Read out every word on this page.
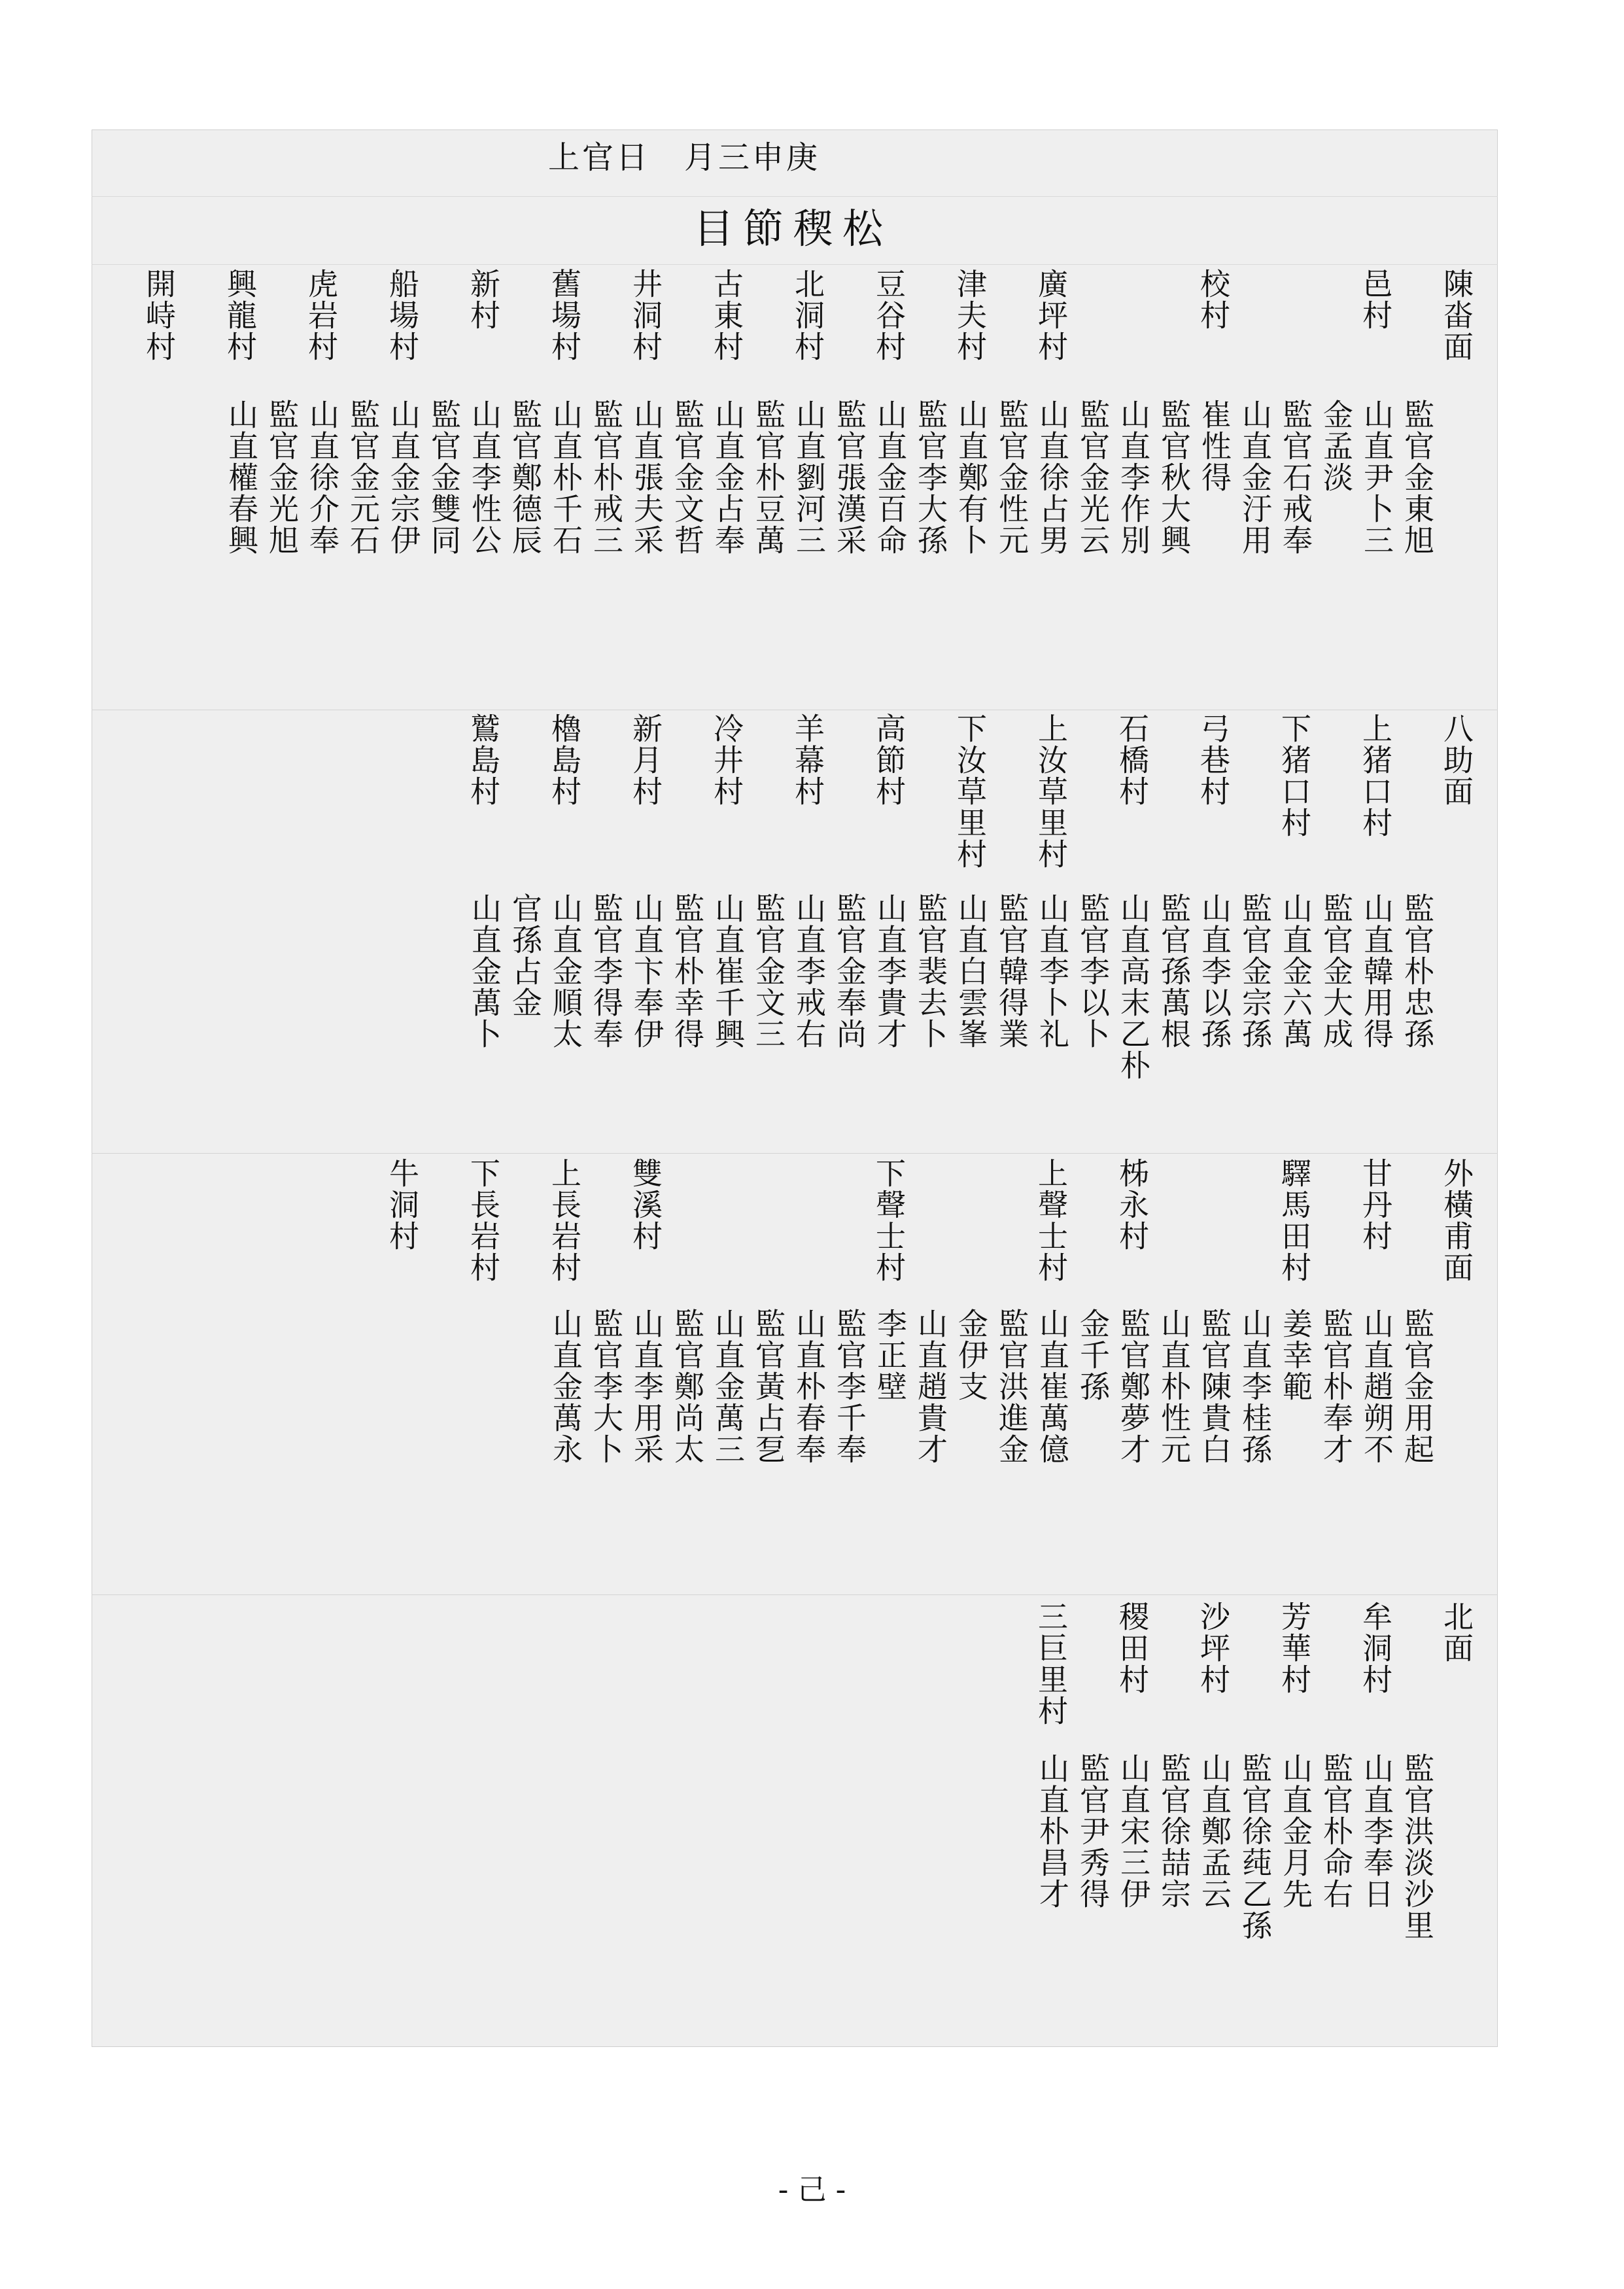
上官日　月三申庚
目節稧松
陳畓面
邑村
校村
廣坪村
津夫村
豆谷村
北洞村
古東村
井洞村
舊場村
新村
船場村
虎岩村
興龍村
開峙村
監官金東旭
山直尹卜三
金孟淡
監官石戒奉
山直金汙用
崔性得
監官秋大興
山直李作別
監官金光云
山直徐占男
監官金性元
山直鄭有卜
監官李大孫
山直金百命
監官張漢采
山直劉河三
監官朴豆萬
山直金占奉
監官金文哲
山直張夫采
監官朴戒三
山直朴千石
監官鄭德辰
山直李性公
監官金雙同
山直金宗伊
監官金元石
山直徐介奉
監官金光旭
山直權春興
八助面
上猪口村
下猪口村
弓巷村
石橋村
上汝草里村
下汝草里村
高節村
羊幕村
冷井村
新月村
櫓島村
鷲島村
監官朴忠孫
山直韓用得
監官金大成
山直金六萬
監官金宗孫
山直李以孫
監官孫萬根
山直高末乙朴
監官李以卜
山直李卜礼
監官韓得業
山直白雲峯
監官裴去卜
山直李貴才
監官金奉尚
山直李戒右
監官金文三
山直崔千興
監官朴幸得
山直卞奉伊
監官李得奉
山直金順太
官孫占金
山直金萬卜
外橫甫面
甘丹村
驛馬田村
柹永村
上聲士村
下聲士村
雙溪村
上長岩村
下長岩村
牛洞村
監官金用起
山直趙朔不
監官朴奉才
姜幸範
山直李桂孫
監官陳貴白
山直朴性元
監官鄭夢才
金千孫
山直崔萬億
監官洪進金
金伊支
山直趙貴才
李正壁
監官李千奉
山直朴春奉
監官黃占乭
山直金萬三
監官鄭尚太
山直李用采
監官李大卜
山直金萬永
北面
牟洞村
芳華村
沙坪村
稷田村
三巨里村
監官洪淡沙里
山直李奉日
監官朴命右
山直金月先
監官徐莼乙孫
山直鄭孟云
監官徐喆宗
山直宋三伊
監官尹秀得
山直朴昌才
- 己 -
